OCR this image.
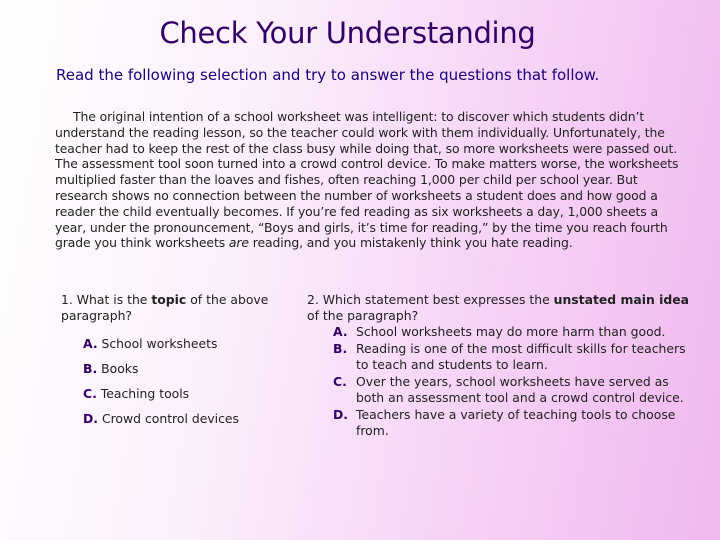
Check Your Understanding
Read the following selection and try to answer the questions that follow.

The original intention of a school worksheet was intelligent: to discover which students didn’t understand the reading lesson, so the teacher could work with them individually. Unfortunately, the teacher had to keep the rest of the class busy while doing that, so more worksheets were passed out. The assessment tool soon turned into a crowd control device. To make matters worse, the worksheets multiplied faster than the loaves and fishes, often reaching 1,000 per child per school year. But research shows no connection between the number of worksheets a student does and how good a reader the child eventually becomes. If you’re fed reading as six worksheets a day, 1,000 sheets a year, under the pronouncement, “Boys and girls, it’s time for reading,” by the time you reach fourth grade you think worksheets are reading, and you mistakenly think you hate reading.

1. What is the topic of the above paragraph?

A. School worksheets
B. Books
C. Teaching tools
D. Crowd control devices

2. Which statement best expresses the unstated main idea of the paragraph?

A. School worksheets may do more harm than good.
B. Reading is one of the most difficult skills for teachers to teach and students to learn.
C. Over the years, school worksheets have served as both an assessment tool and a crowd control device.
D. Teachers have a variety of teaching tools to choose from.
